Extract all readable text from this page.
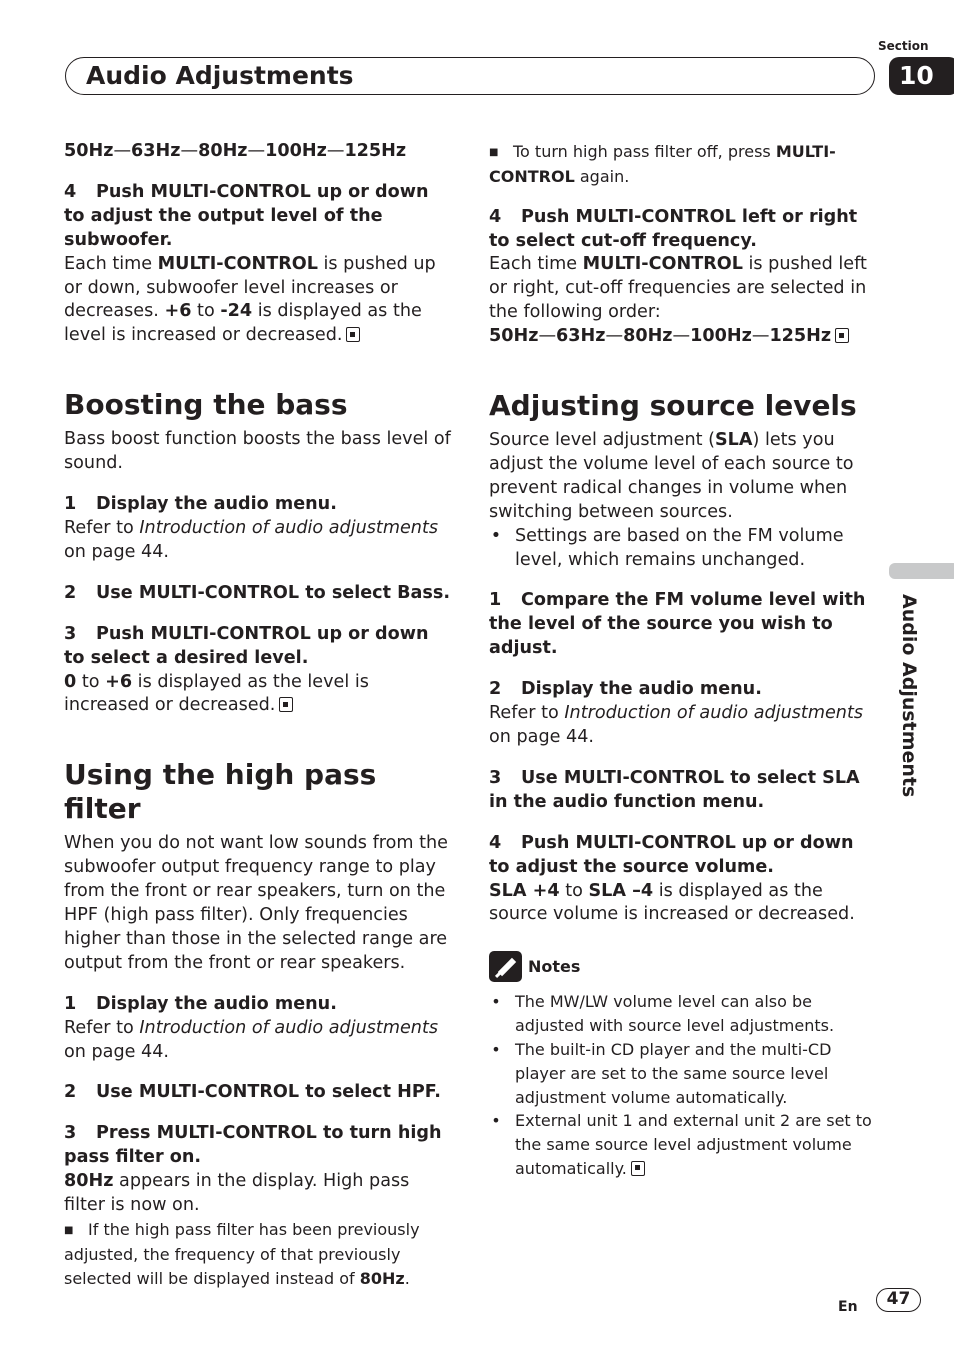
Section
Audio Adjustments	10
Audio Adjustments

50Hz—63Hz—80Hz—100Hz—125Hz

4 Push MULTI-CONTROL up or down to adjust the output level of the subwoofer.

Each time MULTI-CONTROL is pushed up or down, subwoofer level increases or decreases. +6 to -24 is displayed as the level is increased or decreased.

Boosting the bass

Bass boost function boosts the bass level of sound.

1 Display the audio menu.

Refer to Introduction of audio adjustments on page 44.

2 Use MULTI-CONTROL to select Bass.

3 Push MULTI-CONTROL up or down to select a desired level.

0 to +6 is displayed as the level is increased or decreased.

Using the high pass filter

When you do not want low sounds from the subwoofer output frequency range to play from the front or rear speakers, turn on the HPF (high pass filter). Only frequencies higher than those in the selected range are output from the front or rear speakers.

1 Display the audio menu.

Refer to Introduction of audio adjustments on page 44.

2 Use MULTI-CONTROL to select HPF.

3 Press MULTI-CONTROL to turn high pass filter on.

80Hz appears in the display. High pass filter is now on.

■ If the high pass filter has been previously adjusted, the frequency of that previously selected will be displayed instead of 80Hz.

■ To turn high pass filter off, press MULTI-CONTROL again.

4 Push MULTI-CONTROL left or right to select cut-off frequency.

Each time MULTI-CONTROL is pushed left or right, cut-off frequencies are selected in the following order:

50Hz—63Hz—80Hz—100Hz—125Hz

Adjusting source levels

Source level adjustment (SLA) lets you adjust the volume level of each source to prevent radical changes in volume when switching between sources.

• Settings are based on the FM volume level, which remains unchanged.

1 Compare the FM volume level with the level of the source you wish to adjust.

2 Display the audio menu.

Refer to Introduction of audio adjustments on page 44.

3 Use MULTI-CONTROL to select SLA in the audio function menu.

4 Push MULTI-CONTROL up or down to adjust the source volume.

SLA +4 to SLA –4 is displayed as the source volume is increased or decreased.

Notes
• The MW/LW volume level can also be adjusted with source level adjustments.
• The built-in CD player and the multi-CD player are set to the same source level adjustment volume automatically.
• External unit 1 and external unit 2 are set to the same source level adjustment volume automatically.
En	47
